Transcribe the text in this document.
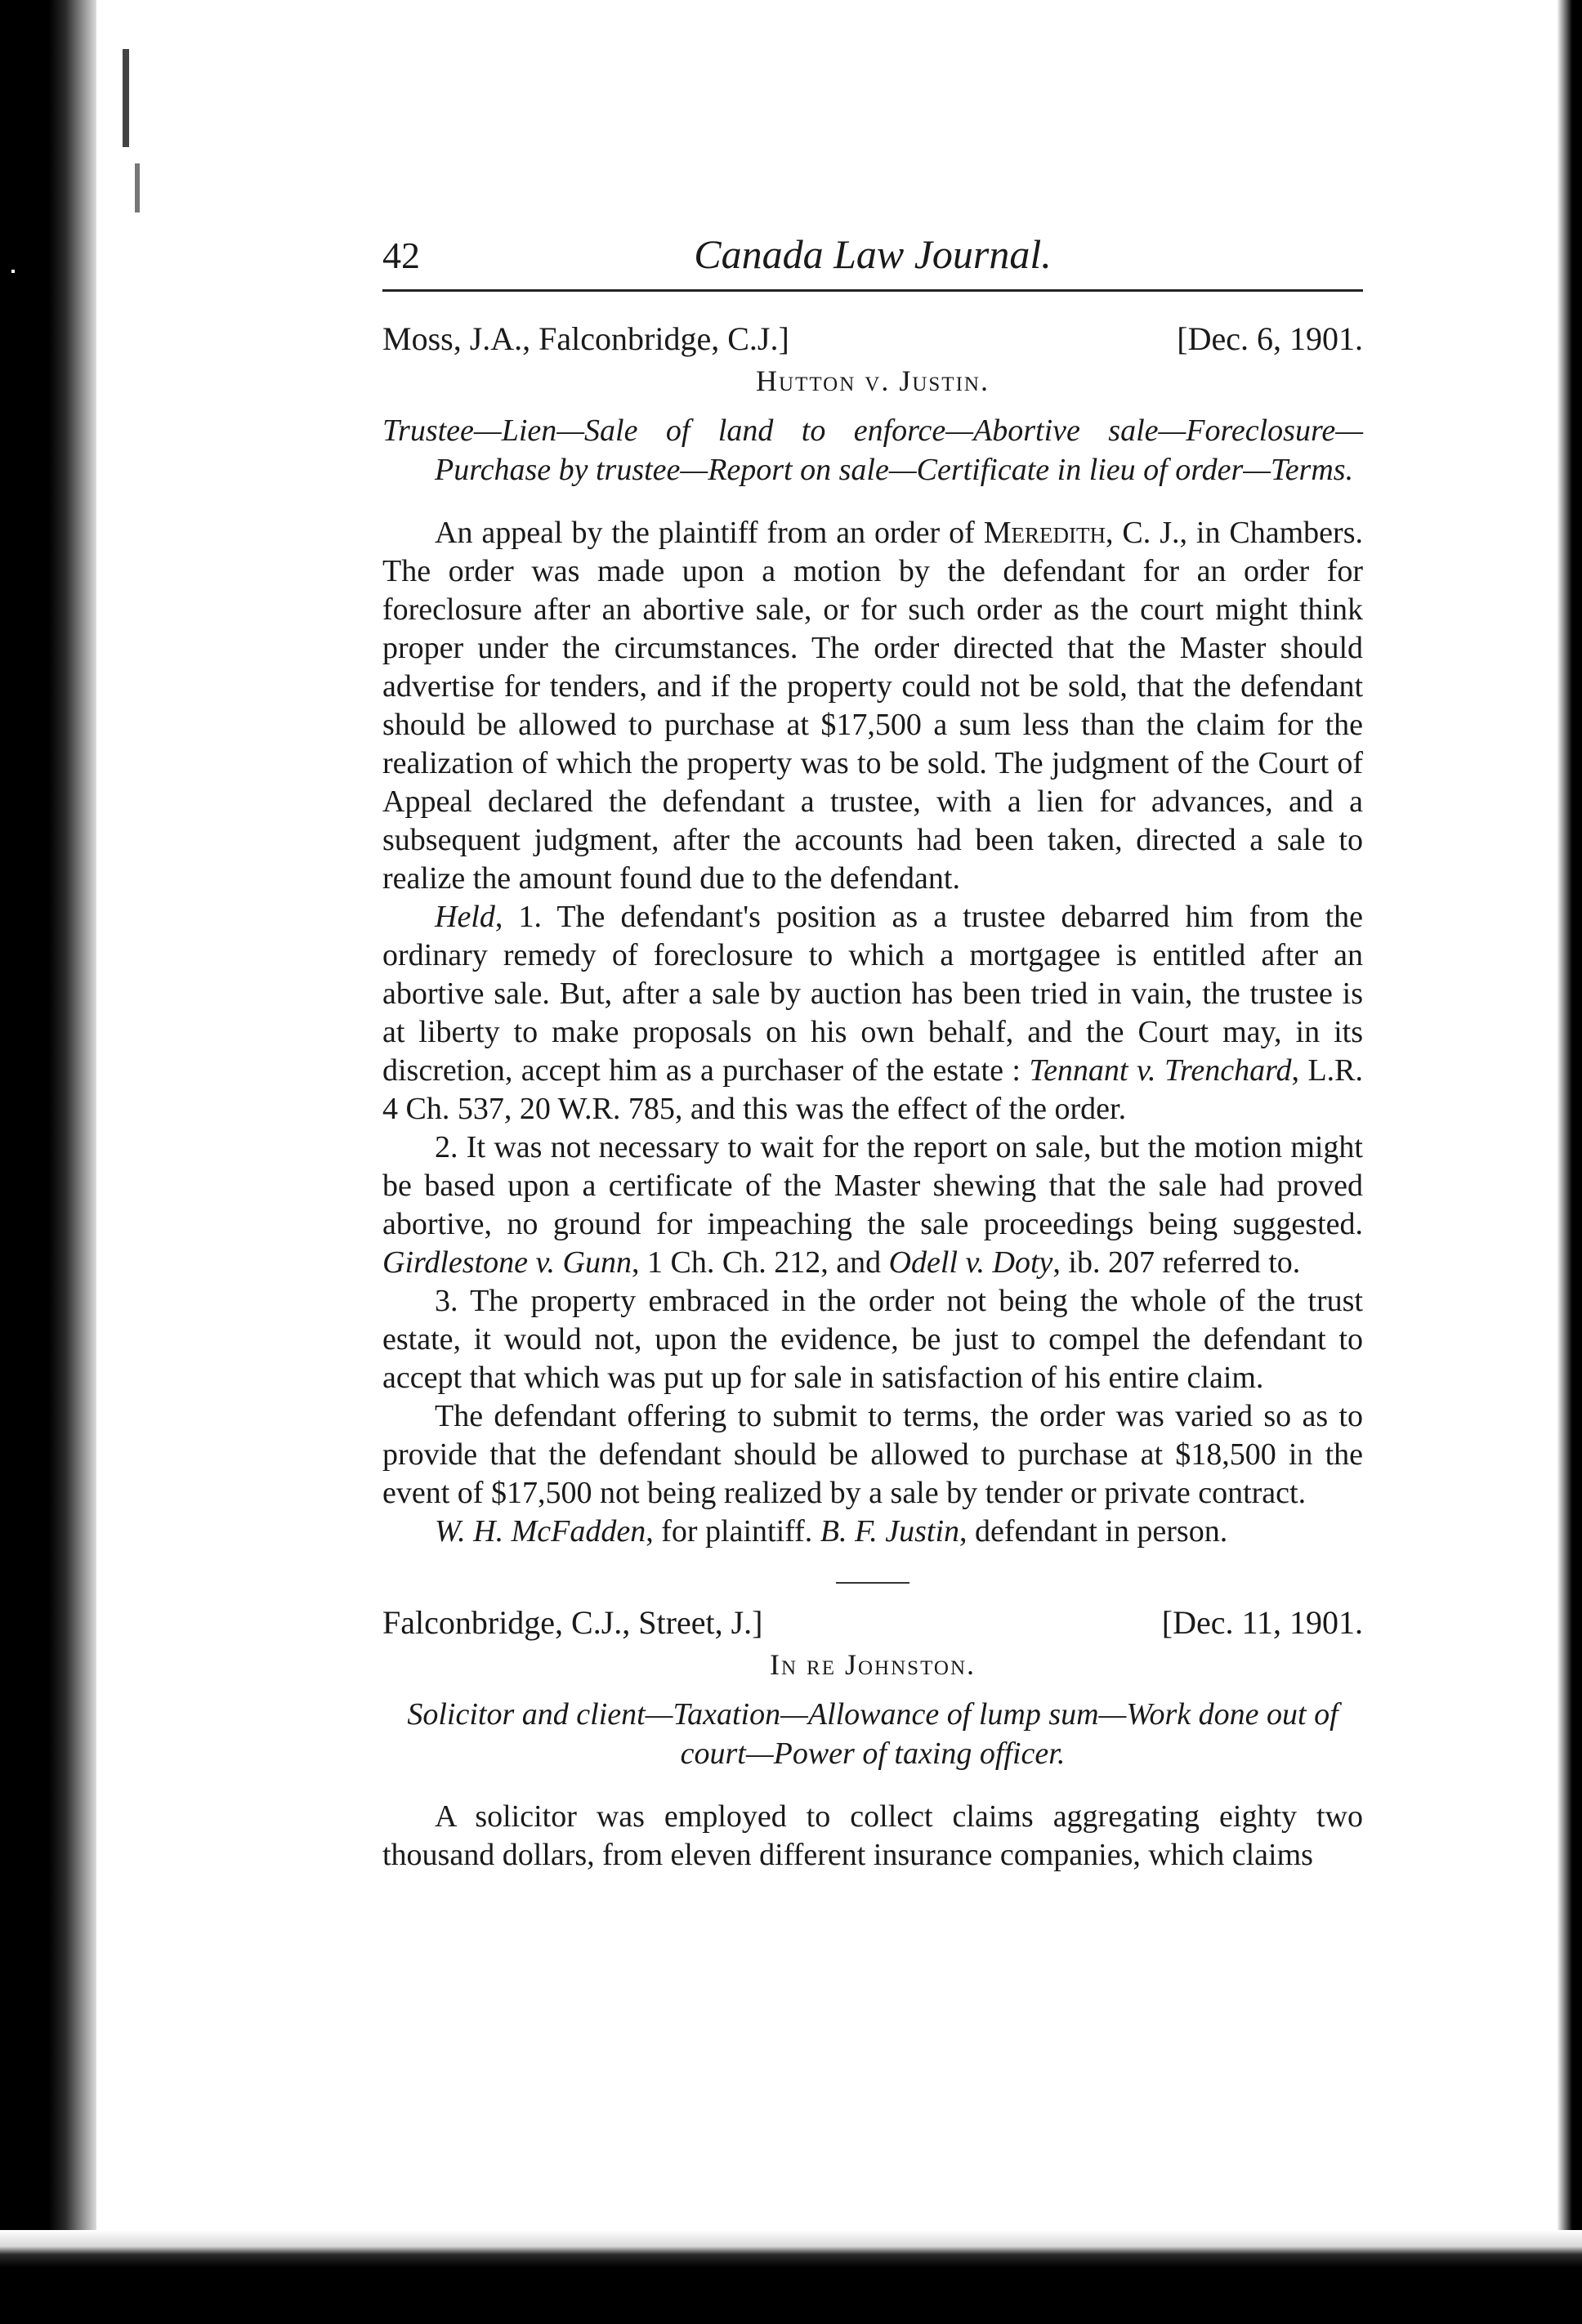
42	Canada Law Journal.
Moss, J.A., Falconbridge, C.J.]	[Dec. 6, 1901.
Hutton v. Justin.
Trustee—Lien—Sale of land to enforce—Abortive sale—Foreclosure—Purchase by trustee—Report on sale—Certificate in lieu of order—Terms.

An appeal by the plaintiff from an order of Meredith, C. J., in Chambers. The order was made upon a motion by the defendant for an order for foreclosure after an abortive sale, or for such order as the court might think proper under the circumstances. The order directed that the Master should advertise for tenders, and if the property could not be sold, that the defendant should be allowed to purchase at $17,500 a sum less than the claim for the realization of which the property was to be sold. The judgment of the Court of Appeal declared the defendant a trustee, with a lien for advances, and a subsequent judgment, after the accounts had been taken, directed a sale to realize the amount found due to the defendant.

Held, 1. The defendant's position as a trustee debarred him from the ordinary remedy of foreclosure to which a mortgagee is entitled after an abortive sale. But, after a sale by auction has been tried in vain, the trustee is at liberty to make proposals on his own behalf, and the Court may, in its discretion, accept him as a purchaser of the estate : Tennant v. Trenchard, L.R. 4 Ch. 537, 20 W.R. 785, and this was the effect of the order.

2. It was not necessary to wait for the report on sale, but the motion might be based upon a certificate of the Master shewing that the sale had proved abortive, no ground for impeaching the sale proceedings being suggested. Girdlestone v. Gunn, 1 Ch. Ch. 212, and Odell v. Doty, ib. 207 referred to.

3. The property embraced in the order not being the whole of the trust estate, it would not, upon the evidence, be just to compel the defendant to accept that which was put up for sale in satisfaction of his entire claim.

The defendant offering to submit to terms, the order was varied so as to provide that the defendant should be allowed to purchase at $18,500 in the event of $17,500 not being realized by a sale by tender or private contract.

W. H. McFadden, for plaintiff. B. F. Justin, defendant in person.

Falconbridge, C.J., Street, J.]	[Dec. 11, 1901.
In re Johnston.
Solicitor and client—Taxation—Allowance of lump sum—Work done out of court—Power of taxing officer.

A solicitor was employed to collect claims aggregating eighty two thousand dollars, from eleven different insurance companies, which claims
